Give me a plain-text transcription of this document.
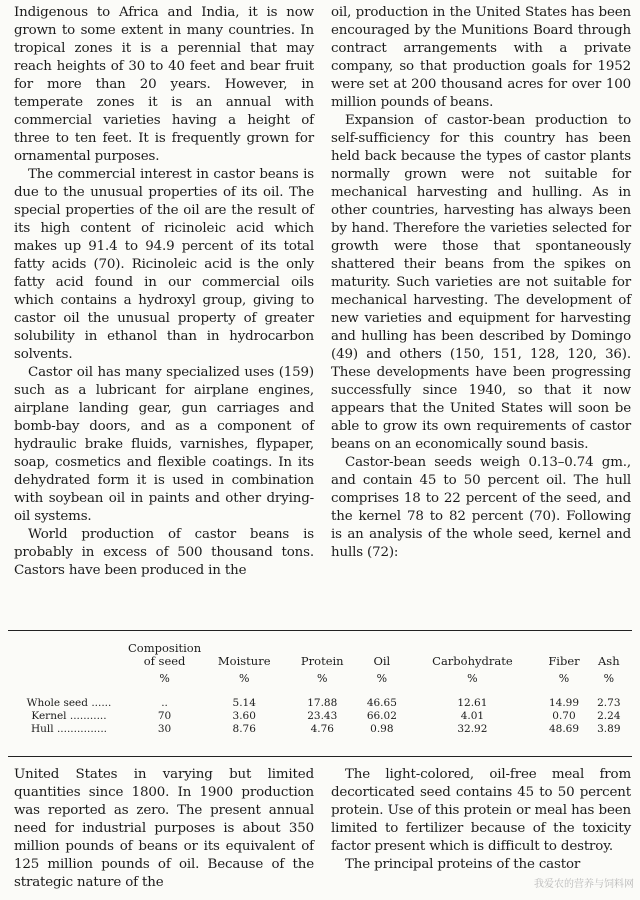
Indigenous to Africa and India, it is now grown to some extent in many countries. In tropical zones it is a perennial that may reach heights of 30 to 40 feet and bear fruit for more than 20 years. However, in temperate zones it is an annual with commercial varieties having a height of three to ten feet. It is frequently grown for ornamental purposes.

The commercial interest in castor beans is due to the unusual properties of its oil. The special properties of the oil are the result of its high content of ricinoleic acid which makes up 91.4 to 94.9 percent of its total fatty acids (70). Ricinoleic acid is the only fatty acid found in our commercial oils which contains a hydroxyl group, giving to castor oil the unusual property of greater solubility in ethanol than in hydrocarbon solvents.

Castor oil has many specialized uses (159) such as a lubricant for airplane engines, airplane landing gear, gun carriages and bomb-bay doors, and as a component of hydraulic brake fluids, varnishes, flypaper, soap, cosmetics and flexible coatings. In its dehydrated form it is used in combination with soybean oil in paints and other drying-oil systems.

World production of castor beans is probably in excess of 500 thousand tons. Castors have been produced in the

oil, production in the United States has been encouraged by the Munitions Board through contract arrangements with a private company, so that production goals for 1952 were set at 200 thousand acres for over 100 million pounds of beans.

Expansion of castor-bean production to self-sufficiency for this country has been held back because the types of castor plants normally grown were not suitable for mechanical harvesting and hulling. As in other countries, harvesting has always been by hand. Therefore the varieties selected for growth were those that spontaneously shattered their beans from the spikes on maturity. Such varieties are not suitable for mechanical harvesting. The development of new varieties and equipment for harvesting and hulling has been described by Domingo (49) and others (150, 151, 128, 120, 36). These developments have been progressing successfully since 1940, so that it now appears that the United States will soon be able to grow its own requirements of castor beans on an economically sound basis.

Castor-bean seeds weigh 0.13–0.74 gm., and contain 45 to 50 percent oil. The hull comprises 18 to 22 percent of the seed, and the kernel 78 to 82 percent (70). Following is an analysis of the whole seed, kernel and hulls (72):

	Composition of seed	Moisture	Protein	Oil	Carbohydrate	Fiber	Ash
	%	%	%	%	%	%	%
Whole seed ......	..	5.14	17.88	46.65	12.61	14.99	2.73
Kernel ...........	70	3.60	23.43	66.02	4.01	0.70	2.24
Hull ...............	30	8.76	4.76	0.98	32.92	48.69	3.89

United States in varying but limited quantities since 1800. In 1900 production was reported as zero. The present annual need for industrial purposes is about 350 million pounds of beans or its equivalent of 125 million pounds of oil. Because of the strategic nature of the

The light-colored, oil-free meal from decorticated seed contains 45 to 50 percent protein. Use of this protein or meal has been limited to fertilizer because of the toxicity factor present which is difficult to destroy.

The principal proteins of the castor

我爱农的营养与饲料网
